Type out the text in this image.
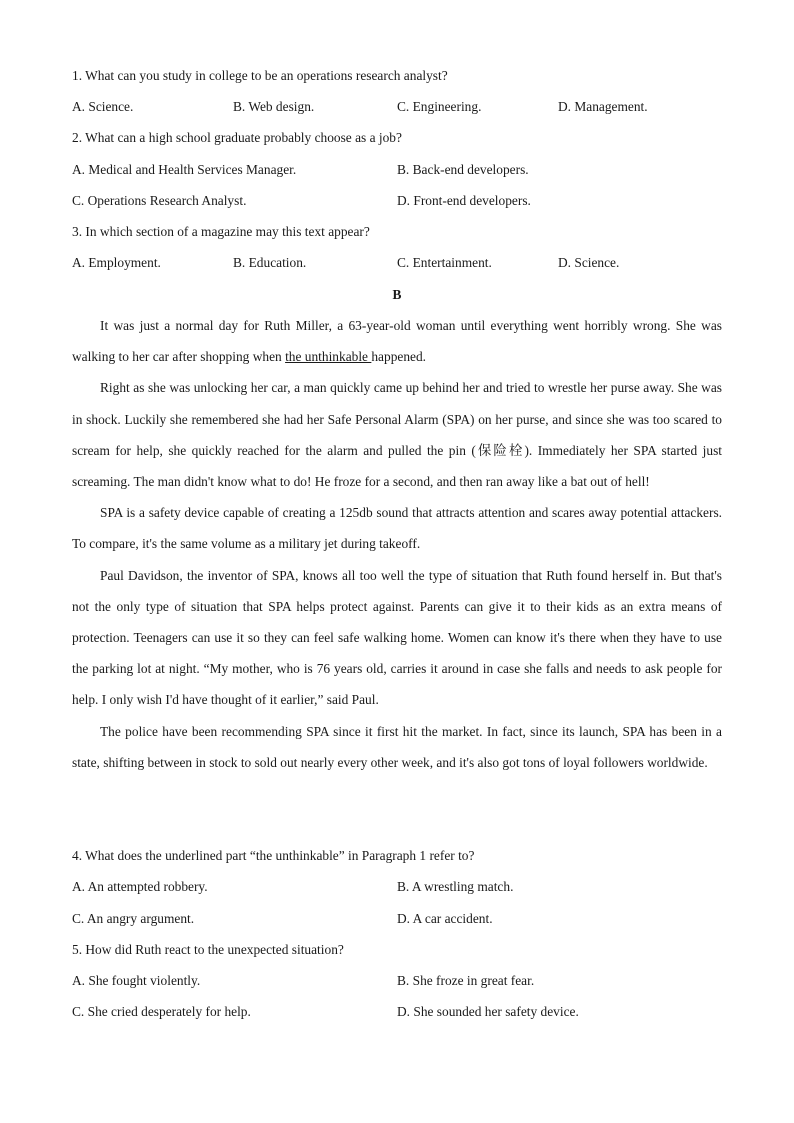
1. What can you study in college to be an operations research analyst?
A. Science.	B. Web design.	C. Engineering.	D. Management.
2. What can a high school graduate probably choose as a job?
A. Medical and Health Services Manager.	B. Back-end developers.
C. Operations Research Analyst.	D. Front-end developers.
3. In which section of a magazine may this text appear?
A. Employment.	B. Education.	C. Entertainment.	D. Science.
B

It was just a normal day for Ruth Miller, a 63-year-old woman until everything went horribly wrong. She was walking to her car after shopping when the unthinkable happened.

Right as she was unlocking her car, a man quickly came up behind her and tried to wrestle her purse away. She was in shock. Luckily she remembered she had her Safe Personal Alarm (SPA) on her purse, and since she was too scared to scream for help, she quickly reached for the alarm and pulled the pin (保险栓). Immediately her SPA started just screaming. The man didn't know what to do! He froze for a second, and then ran away like a bat out of hell!

SPA is a safety device capable of creating a 125db sound that attracts attention and scares away potential attackers. To compare, it's the same volume as a military jet during takeoff.

Paul Davidson, the inventor of SPA, knows all too well the type of situation that Ruth found herself in. But that's not the only type of situation that SPA helps protect against. Parents can give it to their kids as an extra means of protection. Teenagers can use it so they can feel safe walking home. Women can know it's there when they have to use the parking lot at night. “My mother, who is 76 years old, carries it around in case she falls and needs to ask people for help. I only wish I'd have thought of it earlier,” said Paul.

The police have been recommending SPA since it first hit the market. In fact, since its launch, SPA has been in a state, shifting between in stock to sold out nearly every other week, and it's also got tons of loyal followers worldwide.

4. What does the underlined part “the unthinkable” in Paragraph 1 refer to?
A. An attempted robbery.	B. A wrestling match.
C. An angry argument.	D. A car accident.
5. How did Ruth react to the unexpected situation?
A. She fought violently.	B. She froze in great fear.
C. She cried desperately for help.	D. She sounded her safety device.
